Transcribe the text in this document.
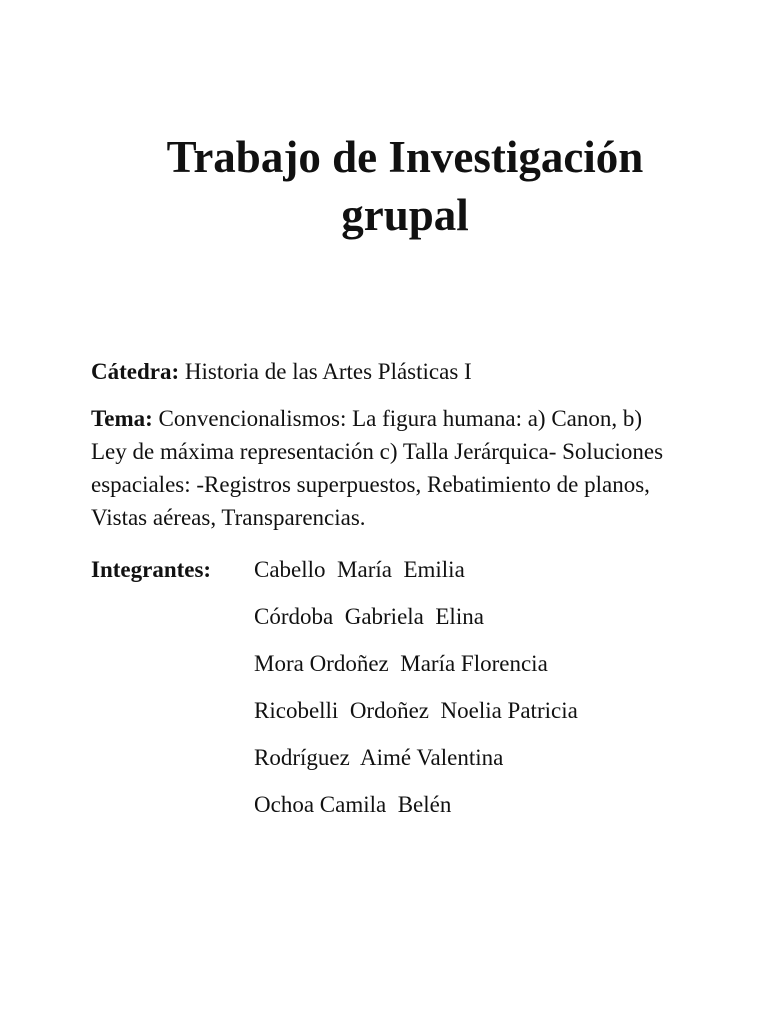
Trabajo de Investigación
grupal

Cátedra: Historia de las Artes Plásticas I

Tema: Convencionalismos: La figura humana: a) Canon, b) Ley de máxima representación c) Talla Jerárquica- Soluciones espaciales: -Registros superpuestos, Rebatimiento de planos, Vistas aéreas, Transparencias.

Integrantes: Cabello  María  Emilia
Córdoba  Gabriela  Elina
Mora Ordoñez  María Florencia
Ricobelli  Ordoñez  Noelia Patricia
Rodríguez  Aimé Valentina
Ochoa Camila  Belén
